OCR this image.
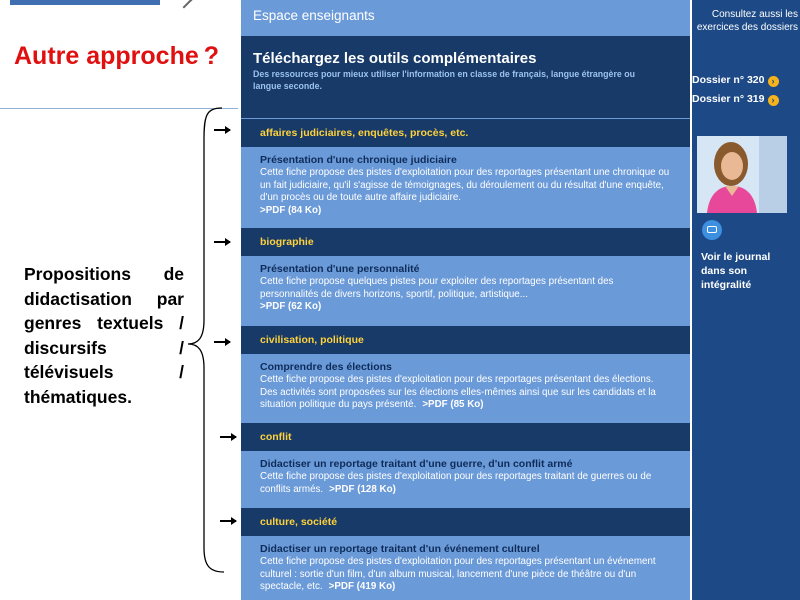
Autre approche ?
Propositions de didactisation par genres textuels / discursifs / télévisuels / thématiques.
Espace enseignants
Téléchargez les outils complémentaires
Des ressources pour mieux utiliser l'information en classe de français, langue étrangère ou langue seconde.
affaires judiciaires, enquêtes, procès, etc.
Présentation d'une chronique judiciaire
Cette fiche propose des pistes d'exploitation pour des reportages présentant une chronique ou un fait judiciaire, qu'il s'agisse de témoignages, du déroulement ou du résultat d'une enquête, d'un procès ou de toute autre affaire judiciaire.
>PDF (84 Ko)
biographie
Présentation d'une personnalité
Cette fiche propose quelques pistes pour exploiter des reportages présentant des personnalités de divers horizons, sportif, politique, artistique...
>PDF (62 Ko)
civilisation, politique
Comprendre des élections
Cette fiche propose des pistes d'exploitation pour des reportages présentant des élections. Des activités sont proposées sur les élections elles-mêmes ainsi que sur les candidats et la situation politique du pays présenté. >PDF (85 Ko)
conflit
Didactiser un reportage traitant d'une guerre, d'un conflit armé
Cette fiche propose des pistes d'exploitation pour des reportages traitant de guerres ou de conflits armés. >PDF (128 Ko)
culture, société
Didactiser un reportage traitant d'un événement culturel
Cette fiche propose des pistes d'exploitation pour des reportages présentant un événement culturel : sortie d'un film, d'un album musical, lancement d'une pièce de théâtre ou d'un spectacle, etc. >PDF (419 Ko)
Consultez aussi les exercices des dossiers
Dossier n° 320 ›
Dossier n° 319 ›
Voir le journal dans son intégralité
